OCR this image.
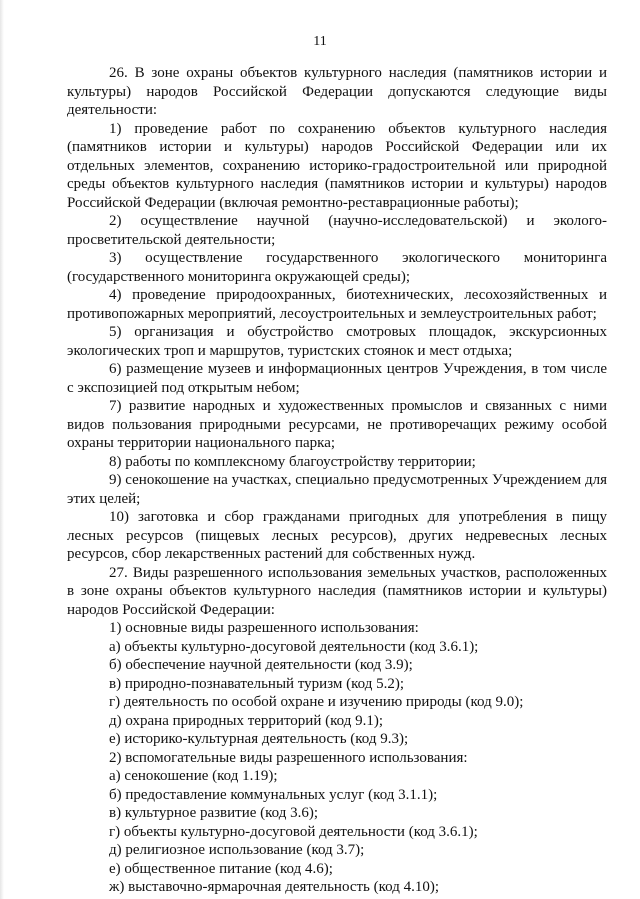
11

26. В зоне охраны объектов культурного наследия (памятников истории и культуры) народов Российской Федерации допускаются следующие виды деятельности:

1) проведение работ по сохранению объектов культурного наследия (памятников истории и культуры) народов Российской Федерации или их отдельных элементов, сохранению историко-градостроительной или природной среды объектов культурного наследия (памятников истории и культуры) народов Российской Федерации (включая ремонтно-реставрационные работы);

2) осуществление научной (научно-исследовательской) и эколого-просветительской деятельности;

3) осуществление государственного экологического мониторинга (государственного мониторинга окружающей среды);

4) проведение природоохранных, биотехнических, лесохозяйственных и противопожарных мероприятий, лесоустроительных и землеустроительных работ;

5) организация и обустройство смотровых площадок, экскурсионных экологических троп и маршрутов, туристских стоянок и мест отдыха;

6) размещение музеев и информационных центров Учреждения, в том числе с экспозицией под открытым небом;

7) развитие народных и художественных промыслов и связанных с ними видов пользования природными ресурсами, не противоречащих режиму особой охраны территории национального парка;

8) работы по комплексному благоустройству территории;

9) сенокошение на участках, специально предусмотренных Учреждением для этих целей;

10) заготовка и сбор гражданами пригодных для употребления в пищу лесных ресурсов (пищевых лесных ресурсов), других недревесных лесных ресурсов, сбор лекарственных растений для собственных нужд.

27. Виды разрешенного использования земельных участков, расположенных в зоне охраны объектов культурного наследия (памятников истории и культуры) народов Российской Федерации:

1) основные виды разрешенного использования:

а) объекты культурно-досуговой деятельности (код 3.6.1);

б) обеспечение научной деятельности (код 3.9);

в) природно-познавательный туризм (код 5.2);

г) деятельность по особой охране и изучению природы (код 9.0);

д) охрана природных территорий (код 9.1);

е) историко-культурная деятельность (код 9.3);

2) вспомогательные виды разрешенного использования:

а) сенокошение (код 1.19);

б) предоставление коммунальных услуг (код 3.1.1);

в) культурное развитие (код 3.6);

г) объекты культурно-досуговой деятельности (код 3.6.1);

д) религиозное использование (код 3.7);

е) общественное питание (код 4.6);

ж) выставочно-ярмарочная деятельность (код 4.10);
